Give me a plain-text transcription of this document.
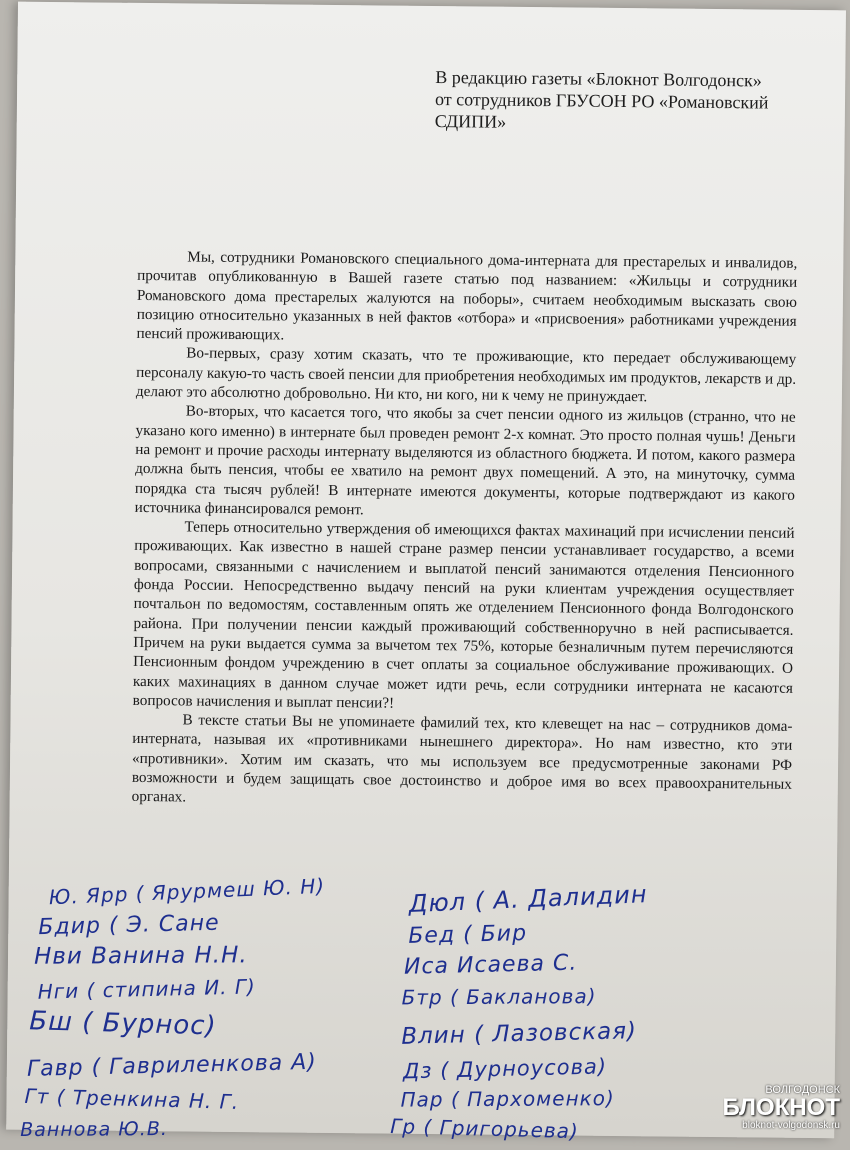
В редакцию газеты «Блокнот Волгодонск»
от сотрудников ГБУСОН РО «Романовский
СДИПИ»

Мы, сотрудники Романовского специального дома-интерната для престарелых и инвалидов, прочитав опубликованную в Вашей газете статью под названием: «Жильцы и сотрудники Романовского дома престарелых жалуются на поборы», считаем необходимым высказать свою позицию относительно указанных в ней фактов «отбора» и «присвоения» работниками учреждения пенсий проживающих.

Во-первых, сразу хотим сказать, что те проживающие, кто передает обслуживающему персоналу какую-то часть своей пенсии для приобретения необходимых им продуктов, лекарств и др. делают это абсолютно добровольно. Ни кто, ни кого, ни к чему не принуждает.

Во-вторых, что касается того, что якобы за счет пенсии одного из жильцов (странно, что не указано кого именно) в интернате был проведен ремонт 2-х комнат. Это просто полная чушь! Деньги на ремонт и прочие расходы интернату выделяются из областного бюджета. И потом, какого размера должна быть пенсия, чтобы ее хватило на ремонт двух помещений. А это, на минуточку, сумма порядка ста тысяч рублей! В интернате имеются документы, которые подтверждают из какого источника финансировался ремонт.

Теперь относительно утверждения об имеющихся фактах махинаций при исчислении пенсий проживающих. Как известно в нашей стране размер пенсии устанавливает государство, а всеми вопросами, связанными с начислением и выплатой пенсий занимаются отделения Пенсионного фонда России. Непосредственно выдачу пенсий на руки клиентам учреждения осуществляет почтальон по ведомостям, составленным опять же отделением Пенсионного фонда Волгодонского района. При получении пенсии каждый проживающий собственноручно в ней расписывается. Причем на руки выдается сумма за вычетом тех 75%, которые безналичным путем перечисляются Пенсионным фондом учреждению в счет оплаты за социальное обслуживание проживающих. О каких махинациях в данном случае может идти речь, если сотрудники интерната не касаются вопросов начисления и выплат пенсии?!

В тексте статьи Вы не упоминаете фамилий тех, кто клевещет на нас – сотрудников дома-интерната, называя их «противниками нынешнего директора». Но нам известно, кто эти «противники». Хотим им сказать, что мы используем все предусмотренные законами РФ возможности и будем защищать свое достоинство и доброе имя во всех правоохранительных органах.

Ю. Ярр ( Ярурмеш Ю. Н)
Бдир ( Э. Сане
Нви Ванина Н.Н.
Нги ( стипина И. Г)
Бш ( Бурнос)
Гавр ( Гавриленкова А)
Гт ( Тренкина Н. Г.
Ваннова Ю.В.
Дюл ( А. Далидин
Бед ( Бир
Иса Исаева С.
Бтр ( Бакланова)
Влин ( Лазовская)
Дз ( Дурноусова)
Пар ( Пархоменко)
Гр ( Григорьева)
ВОЛГОДОНСК
БЛОКНОТ
bloknot-volgodonsk.ru
